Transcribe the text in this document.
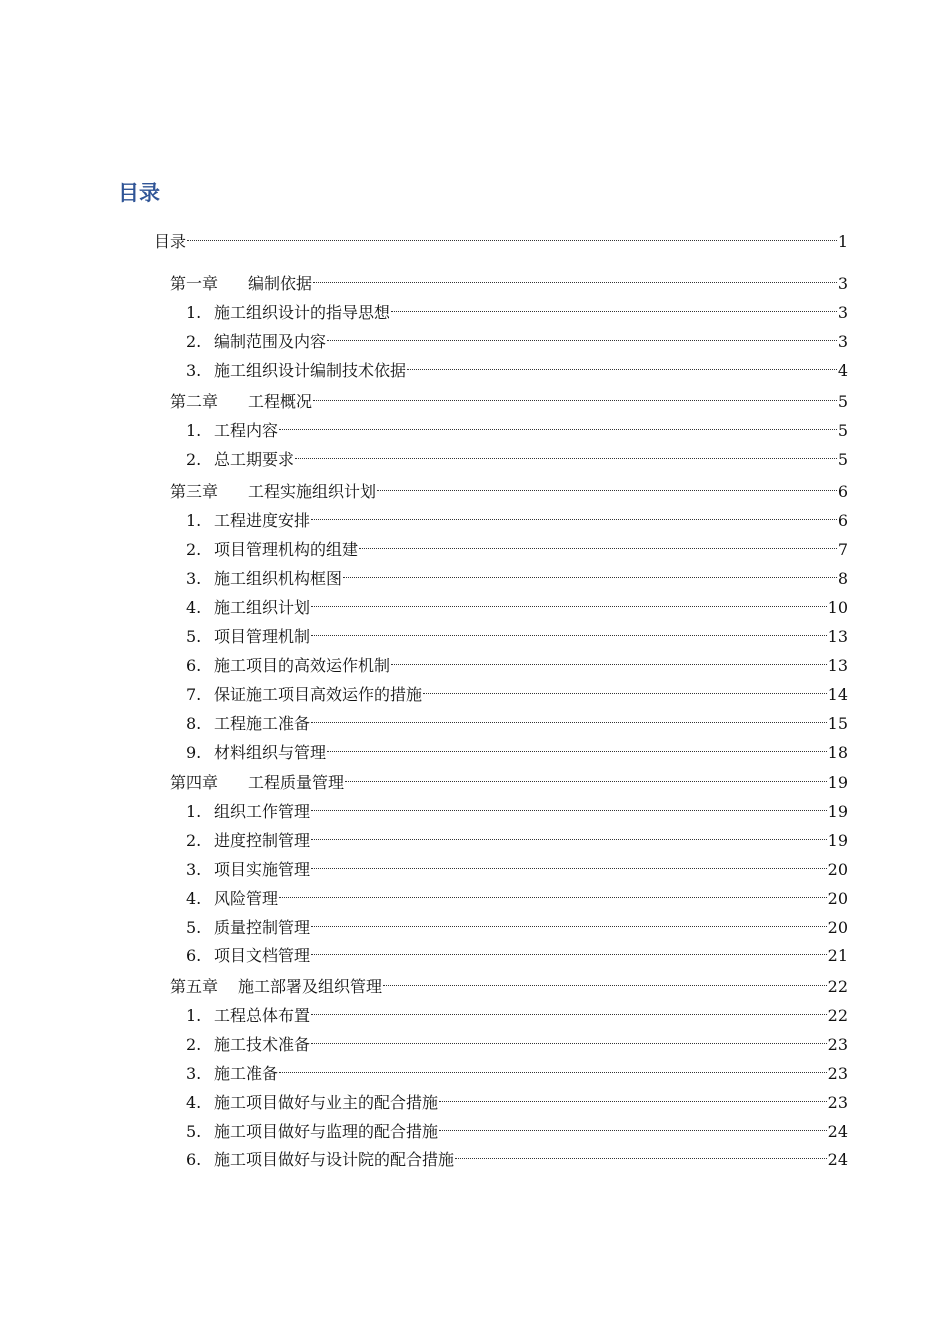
目录
目录	1
第一章 编制依据	3
1. 施工组织设计的指导思想	3
2. 编制范围及内容	3
3. 施工组织设计编制技术依据	4
第二章 工程概况	5
1. 工程内容	5
2. 总工期要求	5
第三章 工程实施组织计划	6
1. 工程进度安排	6
2. 项目管理机构的组建	7
3. 施工组织机构框图	8
4. 施工组织计划	10
5. 项目管理机制	13
6. 施工项目的高效运作机制	13
7. 保证施工项目高效运作的措施	14
8. 工程施工准备	15
9. 材料组织与管理	18
第四章 工程质量管理	19
1. 组织工作管理	19
2. 进度控制管理	19
3. 项目实施管理	20
4. 风险管理	20
5. 质量控制管理	20
6. 项目文档管理	21
第五章 施工部署及组织管理	22
1. 工程总体布置	22
2. 施工技术准备	23
3. 施工准备	23
4. 施工项目做好与业主的配合措施	23
5. 施工项目做好与监理的配合措施	24
6. 施工项目做好与设计院的配合措施	24
